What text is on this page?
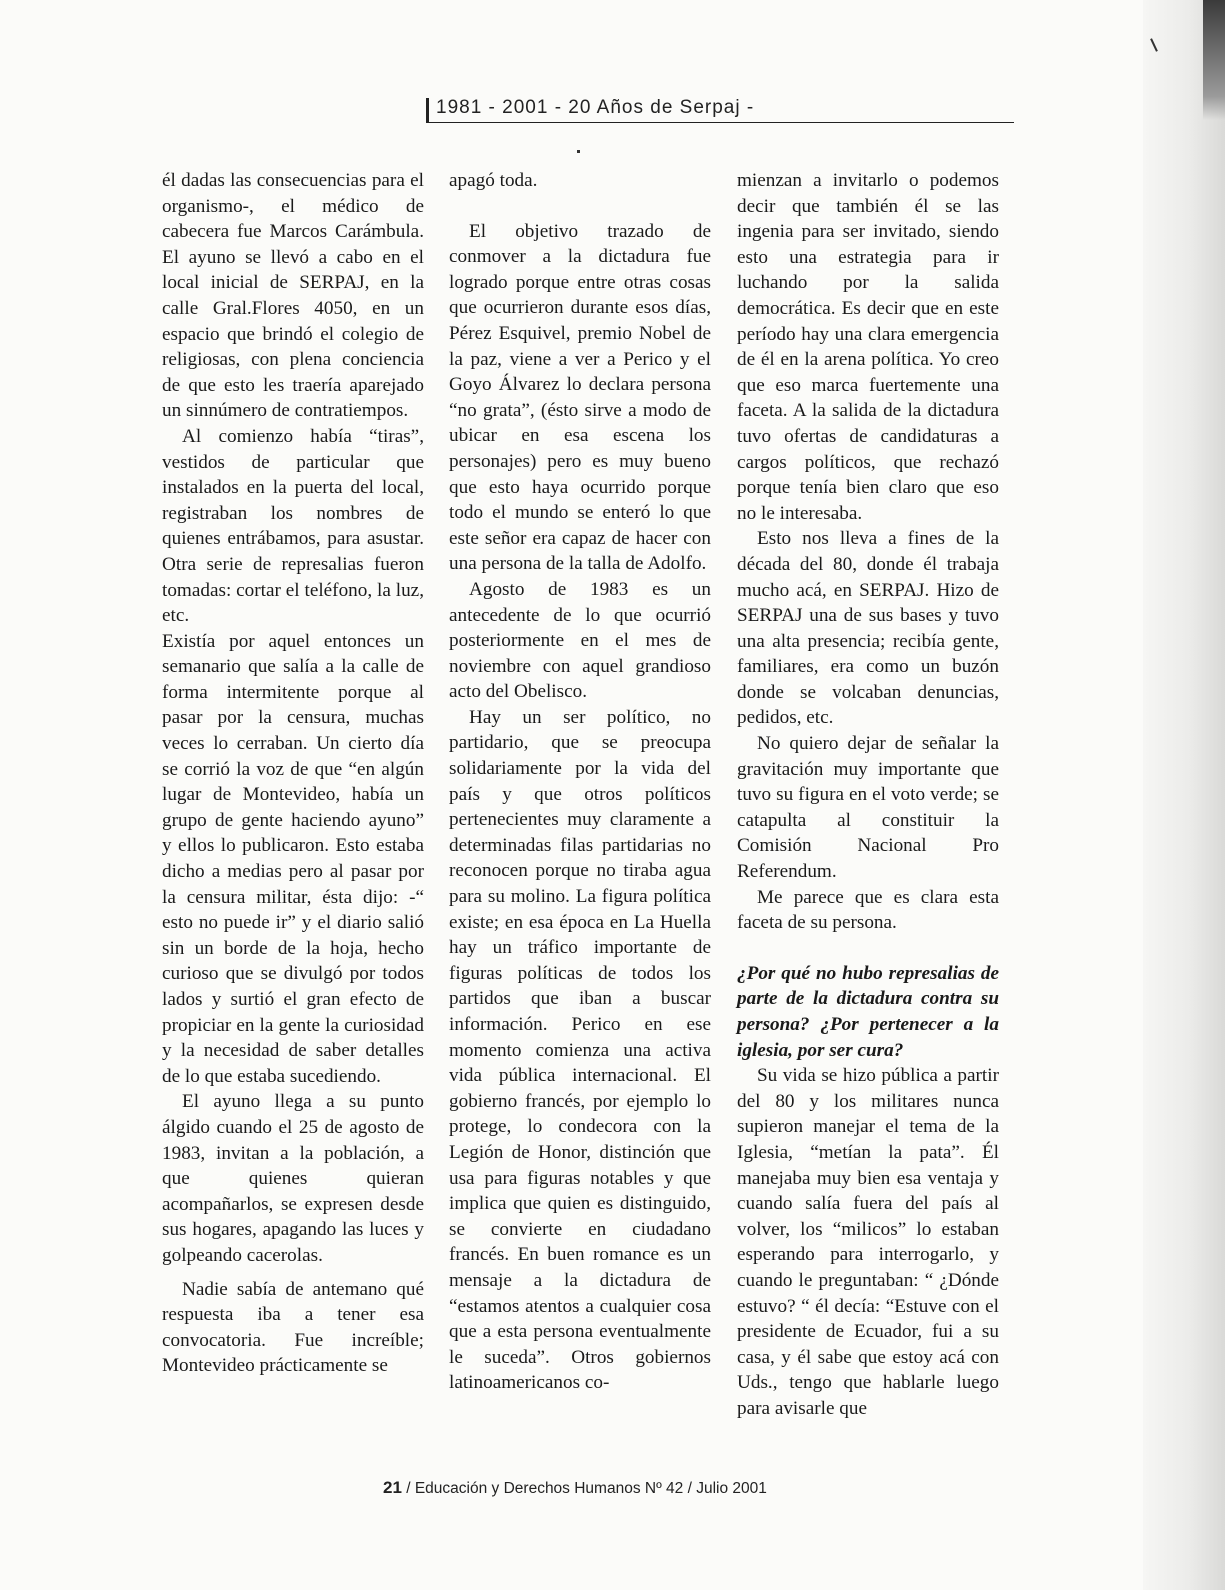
1981 - 2001 - 20 Años de Serpaj -

él dadas las consecuencias para el organismo-, el médico de cabecera fue Marcos Carámbula. El ayuno se llevó a cabo en el local inicial de SERPAJ, en la calle Gral.Flores 4050, en un espacio que brindó el colegio de religiosas, con plena conciencia de que esto les traería aparejado un sinnúmero de contratiempos.

Al comienzo había “tiras”, vestidos de particular que instalados en la puerta del local, registraban los nombres de quienes entrábamos, para asustar. Otra serie de represalias fueron tomadas: cortar el teléfono, la luz, etc.

Existía por aquel entonces un semanario que salía a la calle de forma intermitente porque al pasar por la censura, muchas veces lo cerraban. Un cierto día se corrió la voz de que “en algún lugar de Montevideo, había un grupo de gente haciendo ayuno” y ellos lo publicaron. Esto estaba dicho a medias pero al pasar por la censura militar, ésta dijo: -“ esto no puede ir” y el diario salió sin un borde de la hoja, hecho curioso que se divulgó por todos lados y surtió el gran efecto de propiciar en la gente la curiosidad y la necesidad de saber detalles de lo que estaba sucediendo.

El ayuno llega a su punto álgido cuando el 25 de agosto de 1983, invitan a la población, a que quienes quieran acompañarlos, se expresen desde sus hogares, apagando las luces y golpeando cacerolas.

Nadie sabía de antemano qué respuesta iba a tener esa convocatoria. Fue increíble; Montevideo prácticamente se

apagó toda.

El objetivo trazado de conmover a la dictadura fue logrado porque entre otras cosas que ocurrieron durante esos días, Pérez Esquivel, premio Nobel de la paz, viene a ver a Perico y el Goyo Álvarez lo declara persona “no grata”, (ésto sirve a modo de ubicar en esa escena los personajes) pero es muy bueno que esto haya ocurrido porque todo el mundo se enteró lo que este señor era capaz de hacer con una persona de la talla de Adolfo.

Agosto de 1983 es un antecedente de lo que ocurrió posteriormente en el mes de noviembre con aquel grandioso acto del Obelisco.

Hay un ser político, no partidario, que se preocupa solidariamente por la vida del país y que otros políticos pertenecientes muy claramente a determinadas filas partidarias no reconocen porque no tiraba agua para su molino. La figura política existe; en esa época en La Huella hay un tráfico importante de figuras políticas de todos los partidos que iban a buscar información. Perico en ese momento comienza una activa vida pública internacional. El gobierno francés, por ejemplo lo protege, lo condecora con la Legión de Honor, distinción que usa para figuras notables y que implica que quien es distinguido, se convierte en ciudadano francés. En buen romance es un mensaje a la dictadura de “estamos atentos a cualquier cosa que a esta persona eventualmente le suceda”. Otros gobiernos latinoamericanos co-

mienzan a invitarlo o podemos decir que también él se las ingenia para ser invitado, siendo esto una estrategia para ir luchando por la salida democrática. Es decir que en este período hay una clara emergencia de él en la arena política. Yo creo que eso marca fuertemente una faceta. A la salida de la dictadura tuvo ofertas de candidaturas a cargos políticos, que rechazó porque tenía bien claro que eso no le interesaba.

Esto nos lleva a fines de la década del 80, donde él trabaja mucho acá, en SERPAJ. Hizo de SERPAJ una de sus bases y tuvo una alta presencia; recibía gente, familiares, era como un buzón donde se volcaban denuncias, pedidos, etc.

No quiero dejar de señalar la gravitación muy importante que tuvo su figura en el voto verde; se catapulta al constituir la Comisión Nacional Pro Referendum.

Me parece que es clara esta faceta de su persona.

¿Por qué no hubo represalias de parte de la dictadura contra su persona? ¿Por pertenecer a la iglesia, por ser cura?

Su vida se hizo pública a partir del 80 y los militares nunca supieron manejar el tema de la Iglesia, “metían la pata”. Él manejaba muy bien esa ventaja y cuando salía fuera del país al volver, los “milicos” lo estaban esperando para interrogarlo, y cuando le preguntaban: “ ¿Dónde estuvo? “ él decía: “Estuve con el presidente de Ecuador, fui a su casa, y él sabe que estoy acá con Uds., tengo que hablarle luego para avisarle que

21 / Educación y Derechos Humanos Nº 42 / Julio 2001
